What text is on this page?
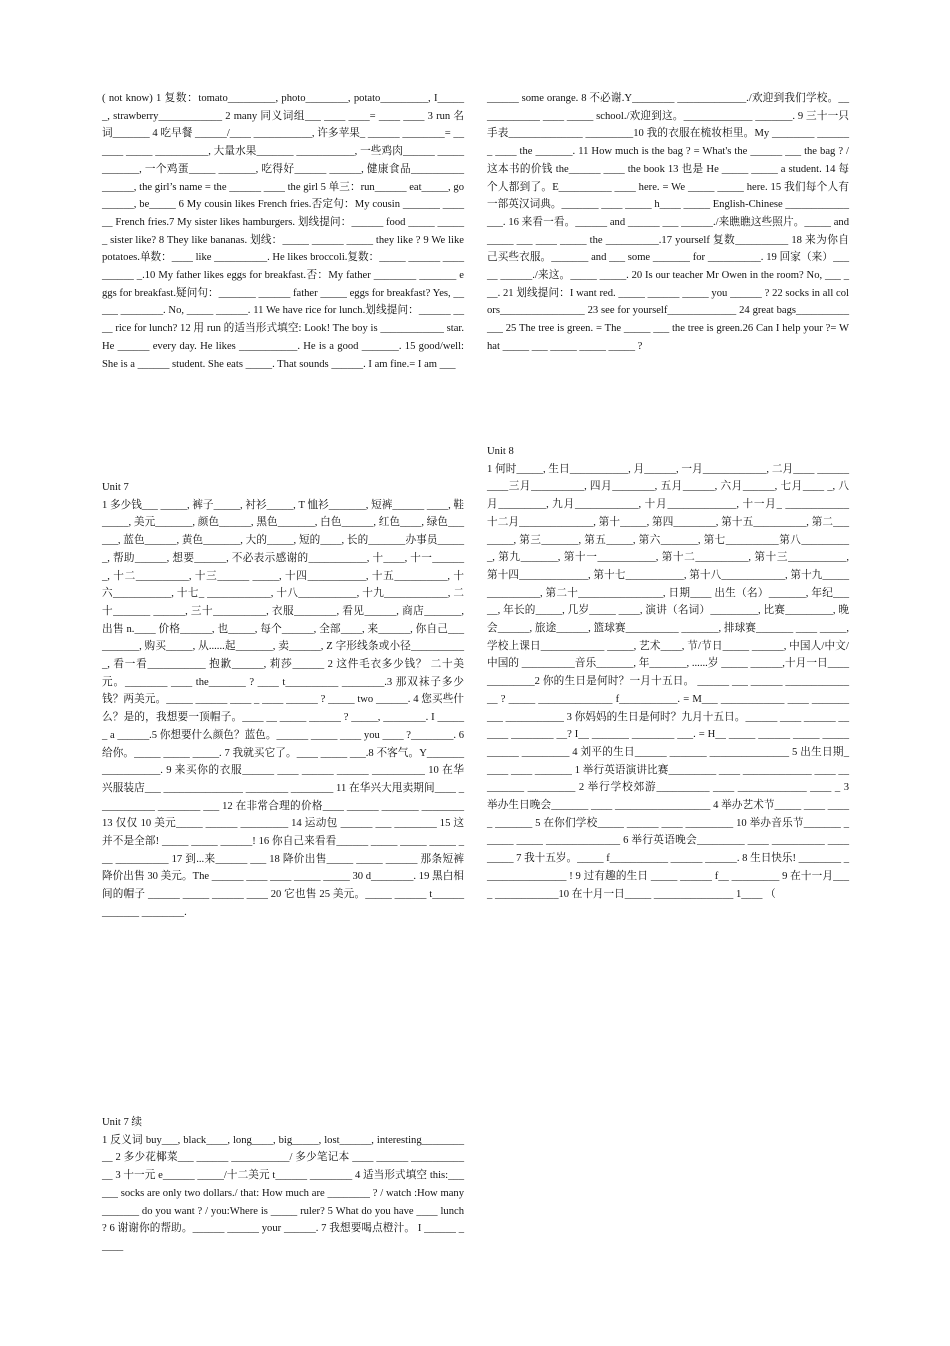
( not know) 1 复数：tomato_________, photo________, potato_________, I______, strawberry____________ 2 many 同义词组___ ____ ____= ____ ____ 3 run 名词_______ 4 吃早餐 ______/____ ___________, 许多苹果_ ______ ________= ______ _____ __________, 大量水果_______ ___________, 一些鸡肉______ ____________, 一个鸡蛋_____ _______, 吃得好______ ______, 健康食品__________ ______, the girl’s name = the ______ ____ the girl 5 单三：run______ eat_____, go______, be_____ 6 My cousin likes French fries.否定句：My cousin _______ ______ French fries.7 My sister likes hamburgers. 划线提问：______ food _____ ______ sister like? 8 They like bananas. 划线：_____ ______ _____ they like ? 9 We like potatoes.单数：____ like __________. He likes broccoli.复数：_____ ______ __________ _.10 My father likes eggs for breakfast.否：My father ________ _______ eggs for breakfast.疑问句：_______ ______ father _____ eggs for breakfast? Yes, _____ ________. No, _____ ______. 11 We have rice for lunch.划线提问：______ ____ rice for lunch? 12 用 run 的适当形式填空: Look! The boy is ____________ star. He ______ every day. He likes ___________. He is a good _______. 15 good/well: She is a ______ student. She eats _____. That sounds ______. I am fine.= I am ___
Unit 7
1 多少钱___ _____, 裤子_____, 衬衫_____, T 恤衫_______, 短裤______ ____, 鞋_____, 美元_______, 颜色______, 黑色_______, 白色______, 红色____, 绿色______, 蓝色______, 黄色_______, 大的_____, 短的____, 长的_______办事员______, 帮助______, 想要______, 不必表示感谢的___________, 十____, 十一_______, 十二__________, 十三______ _____, 十四___________, 十五__________, 十六___________, 十七_ ____________, 十八___________, 十九____________, 二十_______ ______, 三十__________, 衣服________, 看见______, 商店_______, 出售 n.____ 价格______, 也_____, 每个______, 全部____, 来______, 你自己__________, 购买_____, 从......起_______, 卖______, Z 字形线条或小径___________, 看一看___________ 抱歉______, 莉莎______ 2 这件毛衣多少钱？ 二十美元。________ ____ the_______ ? ____ t__________ ________.3 那双袜子多少钱？两美元。_____ ______ ____ _ ____ ______ ? _____ two ______. 4 您买些什么？是的，我想要一顶帽子。____ __ _____ ______ ? _____, ________. I ______ a ______.5 你想要什么颜色？蓝色。______ _____ ____ you ____ ?________. 6 给你。_____ _____ _____. 7 我就买它了。____ _____ ___.8 不客气。Y__________________. 9 来买你的衣服______ ____ ______ ______ __________ 10 在华兴服装店___ _______________ ________ ________ 11 在华兴大甩卖期间____ ___________ ________ ___ 12 在非常合理的价格____ ______ _______ ________ 13 仅仅 10 美元_____ ______ _________ 14 运动包 ______ ___ ________ 15 这并不是全部! _____ _____ ______! 16 你自己来看看______ _____ _____ _____ ___ __________ 17 到...来______ ___ 18 降价出售_____ _____ ______ 那条短裤降价出售 30 美元。The ______ ____ ____ _____ _____ 30 d________. 19 黑白相间的帽子 ______ _____ ______ ____ 20 它也售 25 美元。_____ ______ t_____________ ________.
Unit 7 续
1 反义词 buy___, black____, long____, big_____, lost______, interesting__________ 2 多少花椰菜___ ______ ___________/ 多少笔记本 ____ ______ ____________ 3 十一元 e______ _____/十二美元 t______ ________ 4 适当形式填空 this:______ socks are only two dollars./ that: How much are ________ ? / watch :How many _______ do you want ? / you:Where is _____ ruler? 5 What do you have ____ lunch ? 6 谢谢你的帮助。______ ______ your ______. 7 我想要喝点橙汁。 I ______ _____
______ some orange. 8 不必谢.Y________ _____________./欢迎到我们学校。____________ ____ _____ school./欢迎到这。_____________ _______. 9 三十一只手表______________ _________10 我的衣服在梳妆柜里。My ________ _______ ____ the _______. 11 How much is the bag ? = What's the ______ ___ the bag ? / 这本书的价钱 the______ ____ the book 13 也是 He _____ _____ a student. 14 每个人都到了。E__________ ____ here. = We _____ _____ here. 15 我们每个人有一部英汉词典。_______ ____ _____ h____ _____ English-Chinese _______________. 16 来看一看。______ and ______ ___ ______./来瞧瞧这些照片。_____ and _____ ___ ____ _____ the __________.17 yourself 复数__________ 18 来为你自己买些衣服。_______ and ___ some _______ for __________. 19 回家（来）_____ ______./来这。_____ _____. 20 Is our teacher Mr Owen in the room? No, ___ ___. 21 划线提问：I want red. _____ ______ _____ you ______ ? 22 socks in all colors________________ 23 see for yourself_____________ 24 great bags_____________ 25 The tree is green. = The _____ ___ the tree is green.26 Can I help your ?= What _____ ___ _____ _____ _____ ?
Unit 8
1 何时_____, 生日___________, 月______, 一月____________, 二月____ __________三月__________, 四月________, 五月______, 六月______, 七月____ _, 八月_________, 九月____________, 十月_____________, 十一月_ ____________十二月______________, 第十_____, 第四________, 第十五__________, 第二________, 第三_______, 第五_____, 第六_______, 第七__________第八__________, 第九_______, 第十一___________, 第十二__________, 第十三___________, 第十四_____________, 第十七___________, 第十八____________, 第十九_______________, 第二十________________, 日期____ 出生（名）_______, 年纪_____, 年长的_____, 几岁_____ ____, 演讲（名词）_________, 比赛_________, 晚会______, 旅途______, 篮球赛__________ _______, 排球赛_______ ____ _____, 学校上课日____________ _____, 艺术____, 节/节日_____ ______, 中国人/中文/中国的 __________音乐_______, 年_______, ......岁 _____ ______,十月一日_____________2 你的生日是何时？一月十五日。 ______ ___ ______ ______________ ? _____ ______________ f___________. = M___ ____________ ____ __________ ___________ 3 你妈妈的生日是何时？九月十五日。______ ____ ______ ______ ________ __? I__ _______ ________ ___. = H__ _____ ______ _____ ___________ _________ 4 刘平的生日______ _______ _______________ 5 出生日期_____ ____ _______ 1 举行英语演讲比赛_________ ____ _____________ ____ _________ _________ 2 举行学校郊游__________ ____ _____________ ____ _ 3 举办生日晚会_______ ____ __________________ 4 举办艺术节_____ ____ _____ _______ 5 在你们学校_____ ______ ____ _________ 10 举办音乐节_______ ______ _____ ______________ 6 举行英语晚会_________ ____ __________ _________ 7 我十五岁。_____ f___________ ______ ______. 8 生日快乐! ________ ________________ ! 9 过有趣的生日 _____ ______ f__ _________ 9 在十一月____ ____________10 在十月一日_____ _______________ 1____ （
